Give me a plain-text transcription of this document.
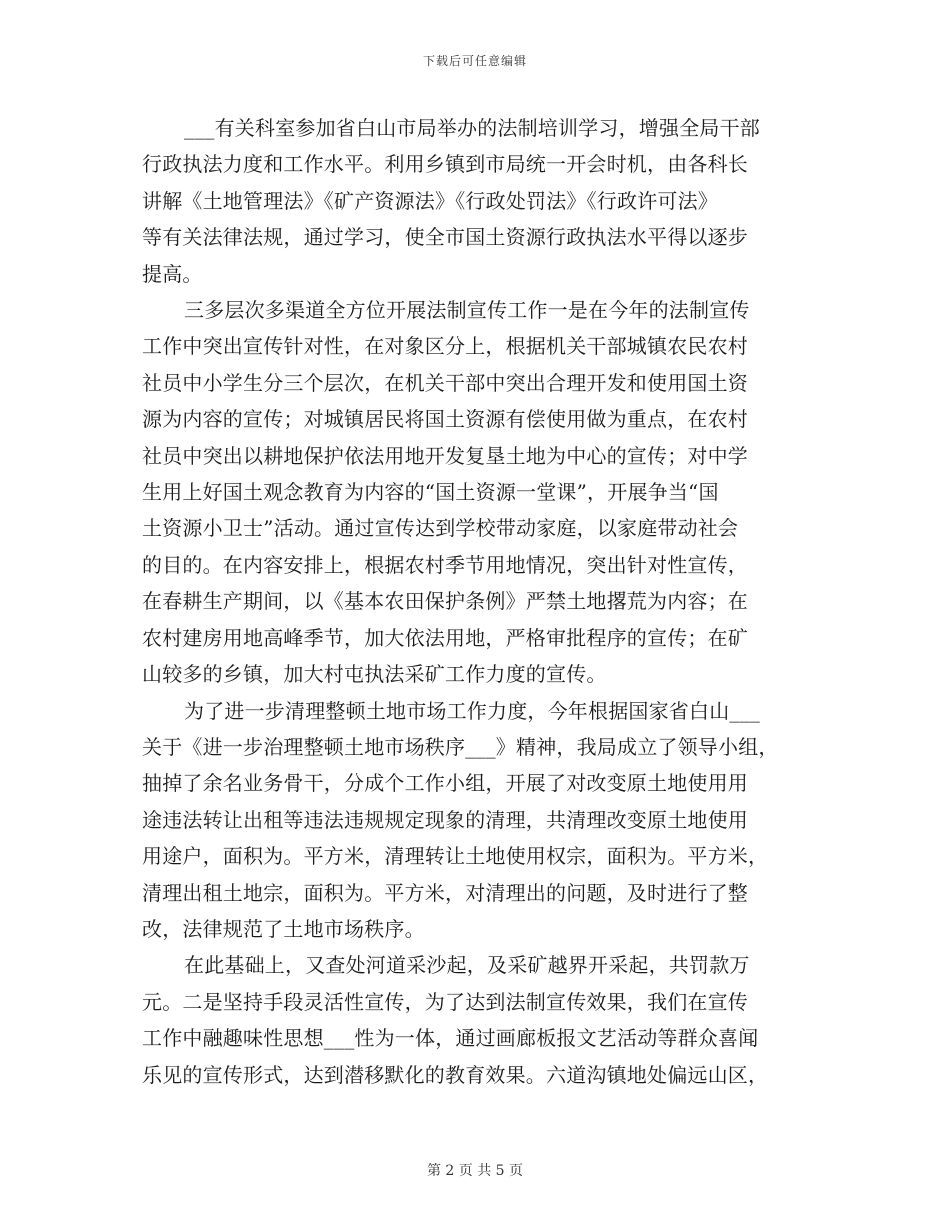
下载后可任意编辑

___有关科室参加省白山市局举办的法制培训学习，增强全局干部
行政执法力度和工作水平。利用乡镇到市局统一开会时机，由各科长
讲解《土地管理法》《矿产资源法》《行政处罚法》《行政许可法》
等有关法律法规，通过学习，使全市国土资源行政执法水平得以逐步
提高。

三多层次多渠道全方位开展法制宣传工作一是在今年的法制宣传
工作中突出宣传针对性，在对象区分上，根据机关干部城镇农民农村
社员中小学生分三个层次，在机关干部中突出合理开发和使用国土资
源为内容的宣传；对城镇居民将国土资源有偿使用做为重点，在农村
社员中突出以耕地保护依法用地开发复垦土地为中心的宣传；对中学
生用上好国土观念教育为内容的“国土资源一堂课”，开展争当“国
土资源小卫士”活动。通过宣传达到学校带动家庭，以家庭带动社会
的目的。在内容安排上，根据农村季节用地情况，突出针对性宣传，
在春耕生产期间，以《基本农田保护条例》严禁土地撂荒为内容；在
农村建房用地高峰季节，加大依法用地，严格审批程序的宣传；在矿
山较多的乡镇，加大村屯执法采矿工作力度的宣传。

为了进一步清理整顿土地市场工作力度，今年根据国家省白山___
关于《进一步治理整顿土地市场秩序___》精神，我局成立了领导小组，
抽掉了余名业务骨干，分成个工作小组，开展了对改变原土地使用用
途违法转让出租等违法违规规定现象的清理，共清理改变原土地使用
用途户，面积为。平方米，清理转让土地使用权宗，面积为。平方米，
清理出租土地宗，面积为。平方米，对清理出的问题，及时进行了整
改，法律规范了土地市场秩序。

在此基础上，又查处河道采沙起，及采矿越界开采起，共罚款万
元。二是坚持手段灵活性宣传，为了达到法制宣传效果，我们在宣传
工作中融趣味性思想___性为一体，通过画廊板报文艺活动等群众喜闻
乐见的宣传形式，达到潜移默化的教育效果。六道沟镇地处偏远山区，

第 2 页 共 5 页
